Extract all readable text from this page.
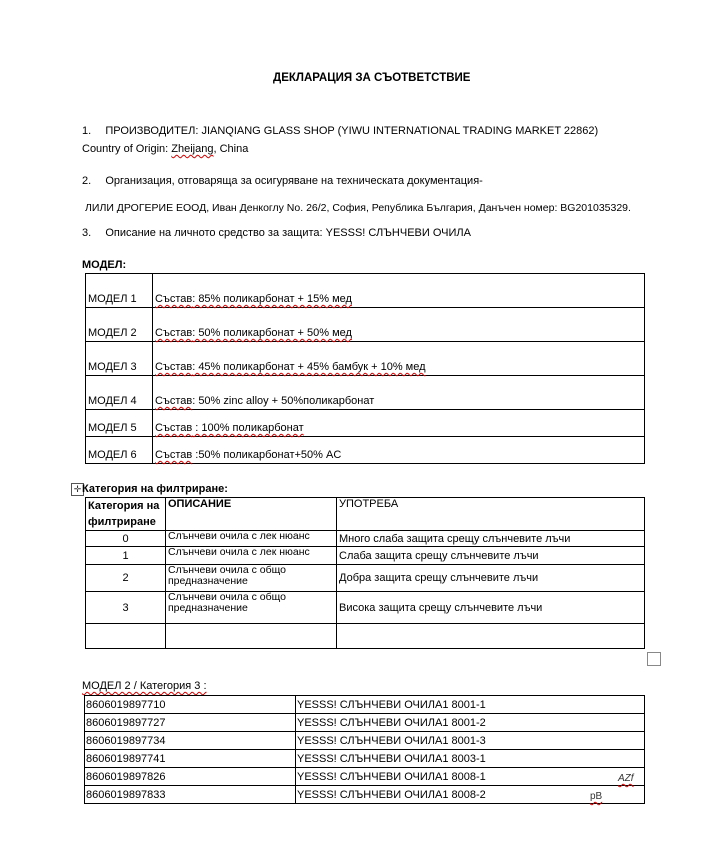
ДЕКЛАРАЦИЯ ЗА СЪОТВЕТСТВИЕ
1. ПРОИЗВОДИТЕЛ: JIANQIANG GLASS SHOP (YIWU INTERNATIONAL TRADING MARKET 22862)
Country of Origin: Zheijang, China
2. Организация, отговаряща за осигуряване на техническата документация-
ЛИЛИ ДРОГЕРИЕ ЕООД, Иван Денкоглу No. 26/2, София, Република България, Данъчен номер: BG201035329.
3. Описание на личното средство за защита: YESSS! СЛЪНЧЕВИ ОЧИЛА
МОДЕЛ:
МОДЕЛ 1	Състав: 85% поликарбонат + 15% мед
МОДЕЛ 2	Състав: 50% поликарбонат + 50% мед
МОДЕЛ 3	Състав: 45% поликарбонат + 45% бамбук + 10% мед
МОДЕЛ 4	Състав: 50% zinc alloy + 50%поликарбонат
МОДЕЛ 5	Състав : 100% поликарбонат
МОДЕЛ 6	Състав :50% поликарбонат+50% AC
✛ Категория на филтриране:
Категория на филтриране	ОПИСАНИЕ	УПОТРЕБА
0	Слънчеви очила с лек нюанс	Много слаба защита срещу слънчевите лъчи
1	Слънчеви очила с лек нюанс	Слаба защита срещу слънчевите лъчи
2	Слънчеви очила с общо предназначение	Добра защита срещу слънчевите лъчи
3	Слънчеви очила с общо предназначение	Висока защита срещу слънчевите лъчи

МОДЕЛ 2 / Категория 3 :
8606019897710	YESSS! СЛЪНЧЕВИ ОЧИЛА1 8001-1
8606019897727	YESSS! СЛЪНЧЕВИ ОЧИЛА1 8001-2
8606019897734	YESSS! СЛЪНЧЕВИ ОЧИЛА1 8001-3
8606019897741	YESSS! СЛЪНЧЕВИ ОЧИЛА1 8003-1
8606019897826	YESSS! СЛЪНЧЕВИ ОЧИЛА1 8008-1
8606019897833	YESSS! СЛЪНЧЕВИ ОЧИЛА1 8008-2
AZf
pB
